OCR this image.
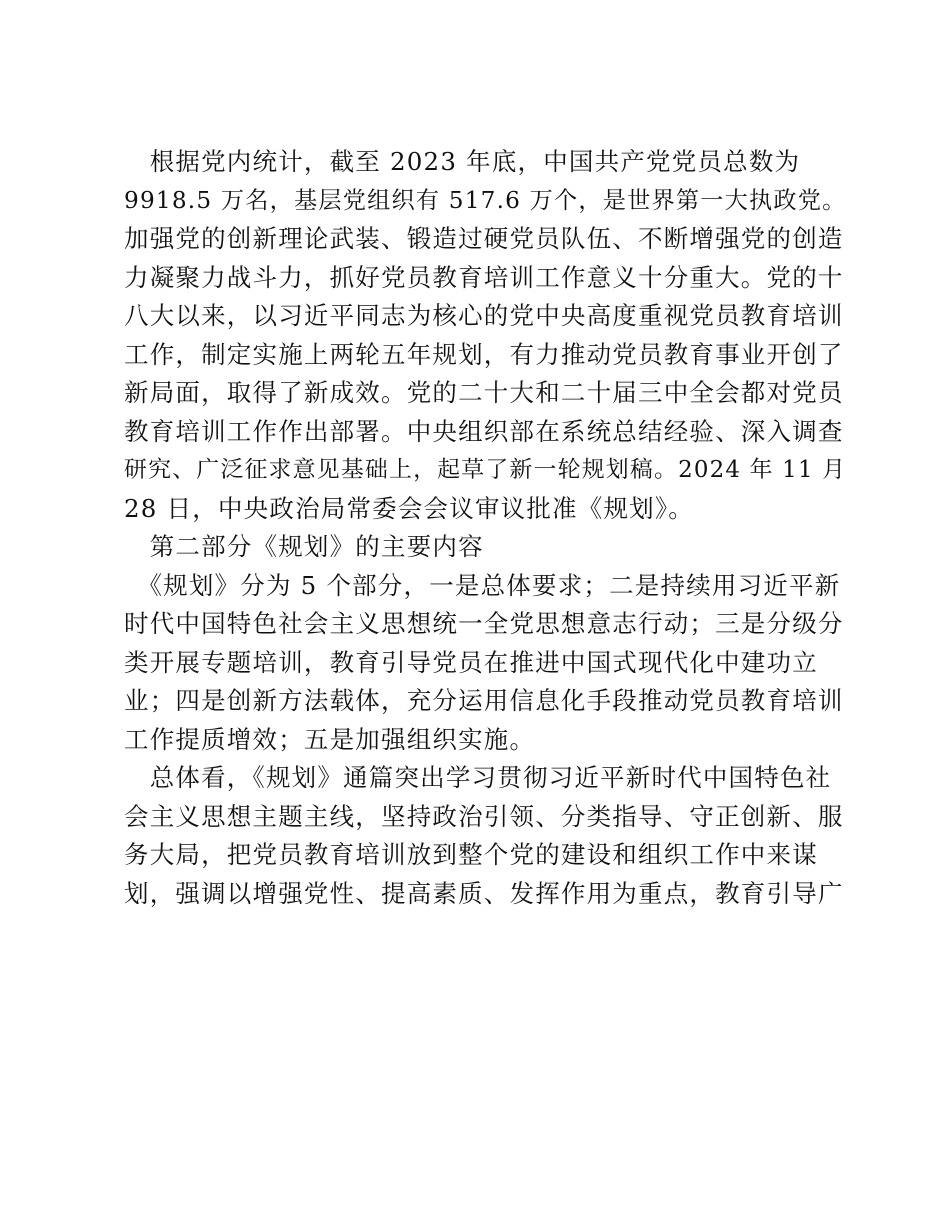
　根据党内统计，截至 2023 年底，中国共产党党员总数为
9918.5 万名，基层党组织有 517.6 万个，是世界第一大执政党。
加强党的创新理论武装、锻造过硬党员队伍、不断增强党的创造
力凝聚力战斗力，抓好党员教育培训工作意义十分重大。党的十
八大以来，以习近平同志为核心的党中央高度重视党员教育培训
工作，制定实施上两轮五年规划，有力推动党员教育事业开创了
新局面，取得了新成效。党的二十大和二十届三中全会都对党员
教育培训工作作出部署。中央组织部在系统总结经验、深入调查
研究、广泛征求意见基础上，起草了新一轮规划稿。2024 年 11 月
28 日，中央政治局常委会会议审议批准《规划》。
　第二部分《规划》的主要内容
　《规划》分为 5 个部分，一是总体要求；二是持续用习近平新
时代中国特色社会主义思想统一全党思想意志行动；三是分级分
类开展专题培训，教育引导党员在推进中国式现代化中建功立
业；四是创新方法载体，充分运用信息化手段推动党员教育培训
工作提质增效；五是加强组织实施。
　总体看，《规划》通篇突出学习贯彻习近平新时代中国特色社
会主义思想主题主线，坚持政治引领、分类指导、守正创新、服
务大局，把党员教育培训放到整个党的建设和组织工作中来谋
划，强调以增强党性、提高素质、发挥作用为重点，教育引导广
